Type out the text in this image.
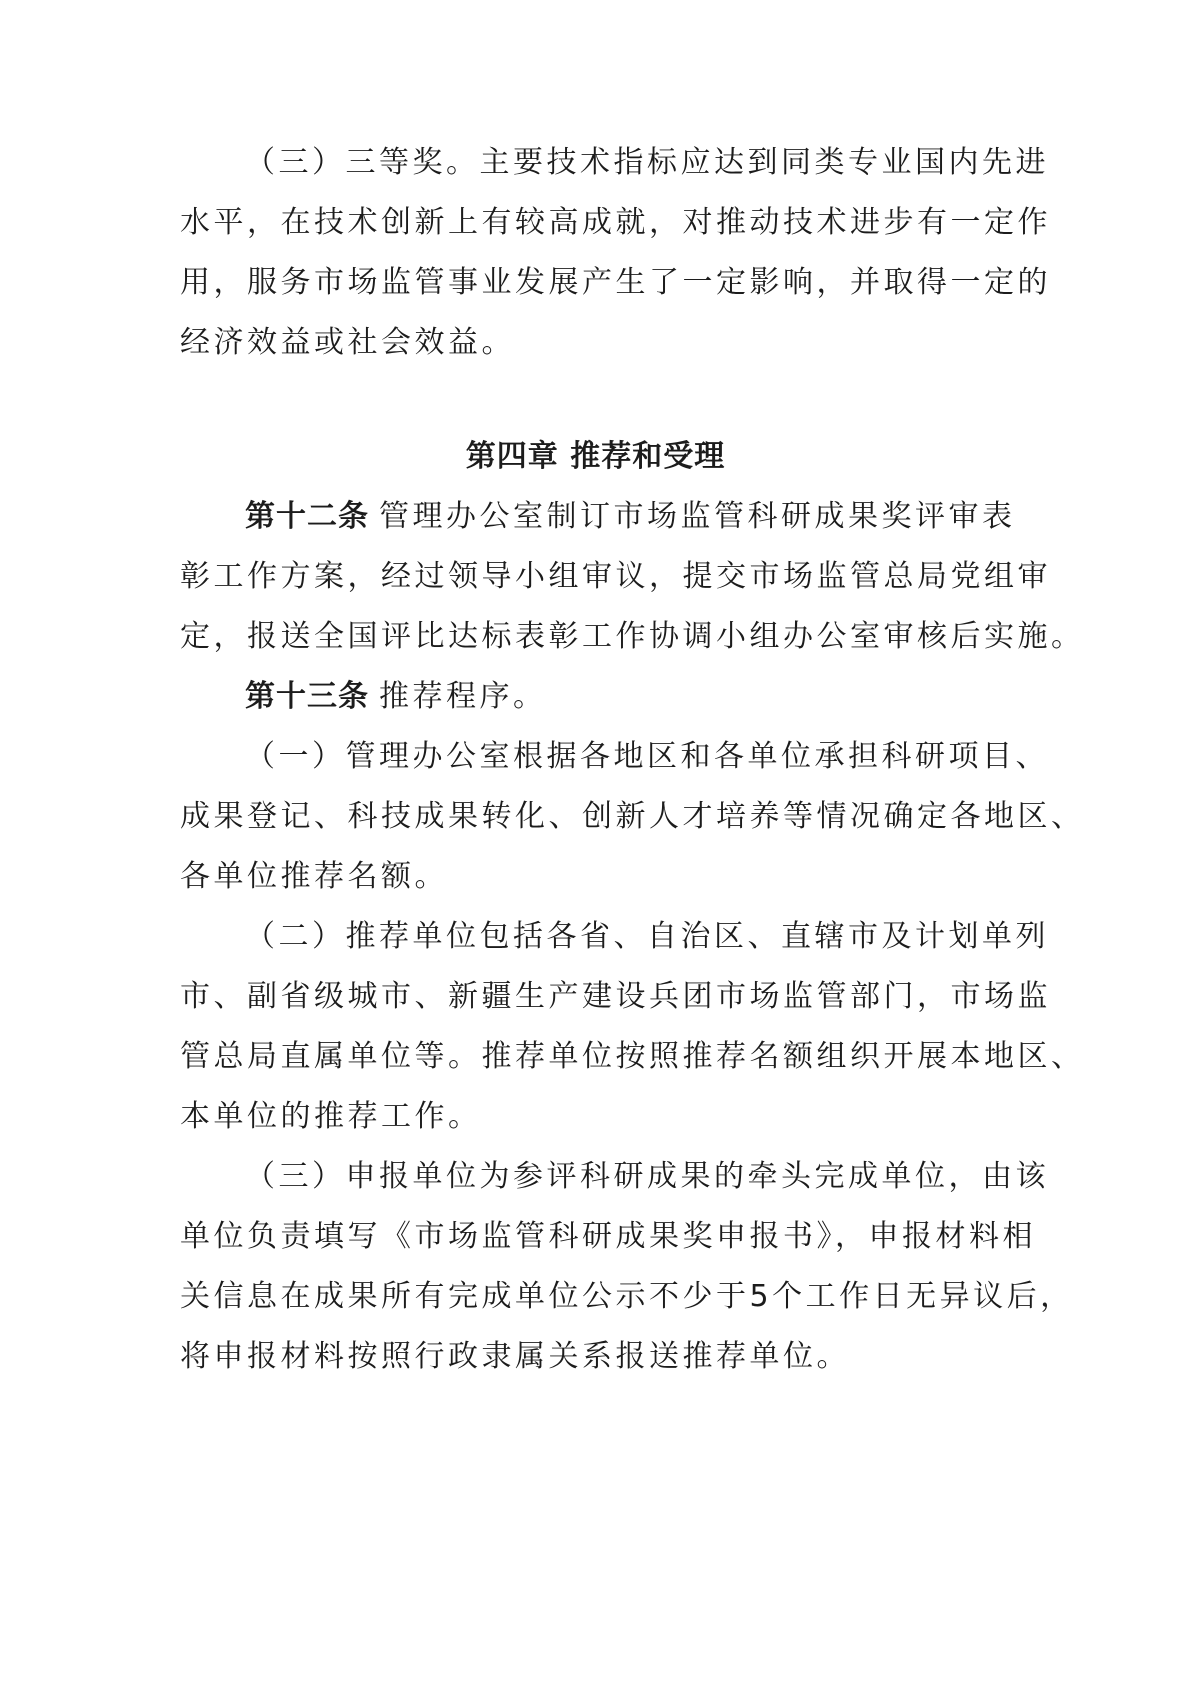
（三）三等奖。主要技术指标应达到同类专业国内先进

水平，在技术创新上有较高成就，对推动技术进步有一定作

用，服务市场监管事业发展产生了一定影响，并取得一定的

经济效益或社会效益。

第四章 推荐和受理

第十二条 管理办公室制订市场监管科研成果奖评审表

彰工作方案，经过领导小组审议，提交市场监管总局党组审

定，报送全国评比达标表彰工作协调小组办公室审核后实施。

第十三条 推荐程序。

（一）管理办公室根据各地区和各单位承担科研项目、

成果登记、科技成果转化、创新人才培养等情况确定各地区、

各单位推荐名额。

（二）推荐单位包括各省、自治区、直辖市及计划单列

市、副省级城市、新疆生产建设兵团市场监管部门，市场监

管总局直属单位等。推荐单位按照推荐名额组织开展本地区、

本单位的推荐工作。

（三）申报单位为参评科研成果的牵头完成单位，由该

单位负责填写《市场监管科研成果奖申报书》，申报材料相

关信息在成果所有完成单位公示不少于5个工作日无异议后，

将申报材料按照行政隶属关系报送推荐单位。
